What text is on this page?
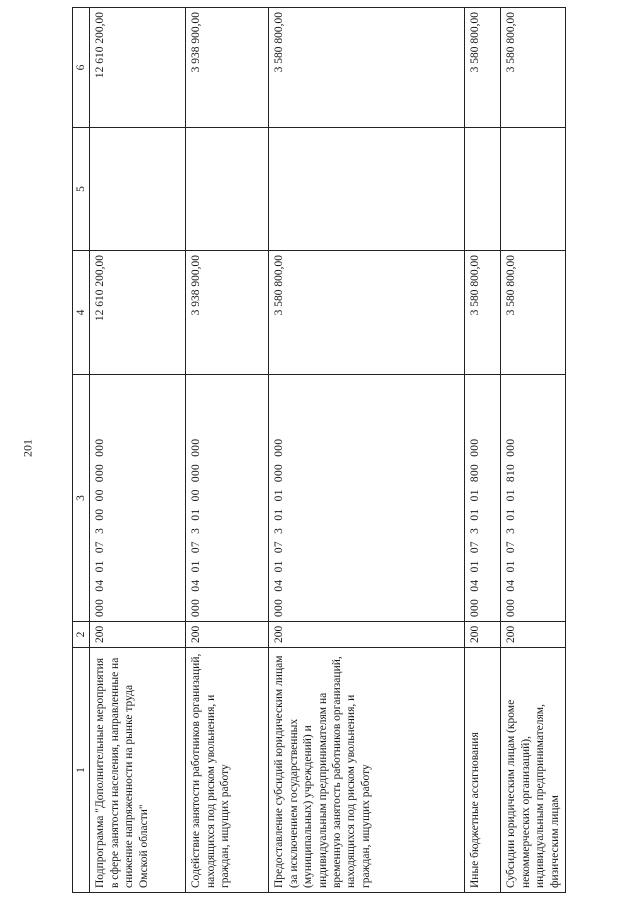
201
1	2	3	4	5	6
Подпрограмма "Дополнительные мероприятия в сфере занятости населения, направленные на снижение напряженности на рынке труда Омской области"	200	000 04 01 07 3 00 00 000 000	12 610 200,00		12 610 200,00
Содействие занятости работников организаций, находящихся под риском увольнения, и граждан, ищущих работу	200	000 04 01 07 3 01 00 000 000	3 938 900,00		3 938 900,00
Предоставление субсидий юридическим лицам (за исключением государственных (муниципальных) учреждений) и индивидуальным предпринимателям на временную занятость работников организаций, находящихся под риском увольнения, и граждан, ищущих работу	200	000 04 01 07 3 01 01 000 000	3 580 800,00		3 580 800,00
Иные бюджетные ассигнования	200	000 04 01 07 3 01 01 800 000	3 580 800,00		3 580 800,00
Субсидии юридическим лицам (кроме некоммерческих организаций), индивидуальным предпринимателям, физическим лицам	200	000 04 01 07 3 01 01 810 000	3 580 800,00		3 580 800,00
